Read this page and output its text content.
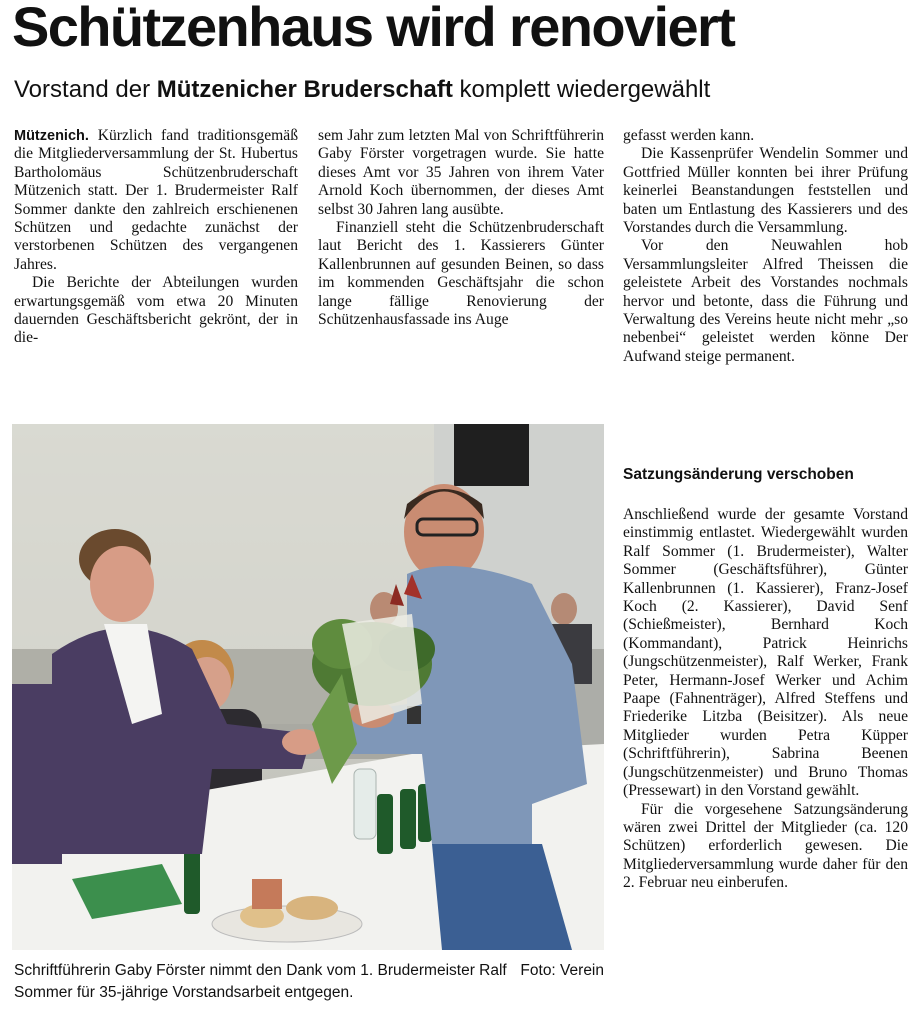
Schützenhaus wird renoviert
Vorstand der Mützenicher Bruderschaft komplett wiedergewählt

Mützenich. Kürzlich fand traditionsgemäß die Mitgliederversammlung der St. Hubertus Bartholomäus Schützenbruderschaft Mützenich statt. Der 1. Brudermeister Ralf Sommer dankte den zahlreich erschienenen Schützen und gedachte zunächst der verstorbenen Schützen des vergangenen Jahres.

Die Berichte der Abteilungen wurden erwartungsgemäß vom etwa 20 Minuten dauernden Geschäftsbericht gekrönt, der in die-

sem Jahr zum letzten Mal von Schriftführerin Gaby Förster vorgetragen wurde. Sie hatte dieses Amt vor 35 Jahren von ihrem Vater Arnold Koch übernommen, der dieses Amt selbst 30 Jahren lang ausübte.

Finanziell steht die Schützenbruderschaft laut Bericht des 1. Kassierers Günter Kallenbrunnen auf gesunden Beinen, so dass im kommenden Geschäftsjahr die schon lange fällige Renovierung der Schützenhausfassade ins Auge

gefasst werden kann.

Die Kassenprüfer Wendelin Sommer und Gottfried Müller konnten bei ihrer Prüfung keinerlei Beanstandungen feststellen und baten um Entlastung des Kassierers und des Vorstandes durch die Versammlung.

Vor den Neuwahlen hob Versammlungsleiter Alfred Theissen die geleistete Arbeit des Vorstandes nochmals hervor und betonte, dass die Führung und Verwaltung des Vereins heute nicht mehr „so nebenbei“ geleistet werden könne Der Aufwand steige permanent.

Satzungsänderung verschoben

Anschließend wurde der gesamte Vorstand einstimmig entlastet. Wiedergewählt wurden Ralf Sommer (1. Brudermeister), Walter Sommer (Geschäftsführer), Günter Kallenbrunnen (1. Kassierer), Franz-Josef Koch (2. Kassierer), David Senf (Schießmeister), Bernhard Koch (Kommandant), Patrick Heinrichs (Jungschützenmeister), Ralf Werker, Frank Peter, Hermann-Josef Werker und Achim Paape (Fahnenträger), Alfred Steffens und Friederike Litzba (Beisitzer). Als neue Mitglieder wurden Petra Küpper (Schriftführerin), Sabrina Beenen (Jungschützenmeister) und Bruno Thomas (Pressewart) in den Vorstand gewählt.

Für die vorgesehene Satzungsänderung wären zwei Drittel der Mitglieder (ca. 120 Schützen) erforderlich gewesen. Die Mitgliederversammlung wurde daher für den 2. Februar neu einberufen.

Foto: Verein
Schriftführerin Gaby Förster nimmt den Dank vom 1. Brudermeister Ralf Sommer für 35-jährige Vorstandsarbeit entgegen.
